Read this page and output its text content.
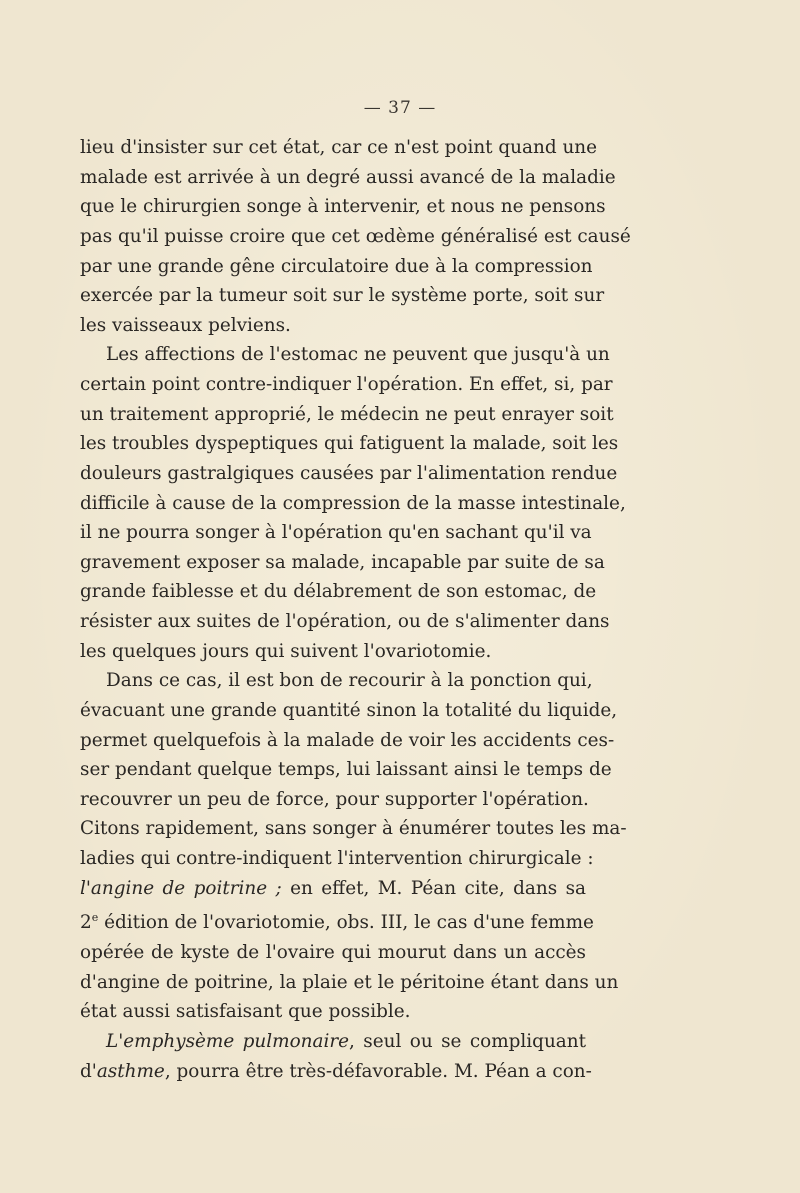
— 37 —
lieu d'insister sur cet état, car ce n'est point quand une
malade est arrivée à un degré aussi avancé de la maladie
que le chirurgien songe à intervenir, et nous ne pensons
pas qu'il puisse croire que cet œdème généralisé est causé
par une grande gêne circulatoire due à la compression
exercée par la tumeur soit sur le système porte, soit sur
les vaisseaux pelviens.
Les affections de l'estomac ne peuvent que jusqu'à un
certain point contre-indiquer l'opération. En effet, si, par
un traitement approprié, le médecin ne peut enrayer soit
les troubles dyspeptiques qui fatiguent la malade, soit les
douleurs gastralgiques causées par l'alimentation rendue
difficile à cause de la compression de la masse intestinale,
il ne pourra songer à l'opération qu'en sachant qu'il va
gravement exposer sa malade, incapable par suite de sa
grande faiblesse et du délabrement de son estomac, de
résister aux suites de l'opération, ou de s'alimenter dans
les quelques jours qui suivent l'ovariotomie.
Dans ce cas, il est bon de recourir à la ponction qui,
évacuant une grande quantité sinon la totalité du liquide,
permet quelquefois à la malade de voir les accidents ces-
ser pendant quelque temps, lui laissant ainsi le temps de
recouvrer un peu de force, pour supporter l'opération.
Citons rapidement, sans songer à énumérer toutes les ma-
ladies qui contre-indiquent l'intervention chirurgicale :
l'angine de poitrine ; en effet, M. Péan cite, dans sa
2e édition de l'ovariotomie, obs. III, le cas d'une femme
opérée de kyste de l'ovaire qui mourut dans un accès
d'angine de poitrine, la plaie et le péritoine étant dans un
état aussi satisfaisant que possible.
L'emphysème pulmonaire, seul ou se compliquant
d'asthme, pourra être très-défavorable. M. Péan a con-
